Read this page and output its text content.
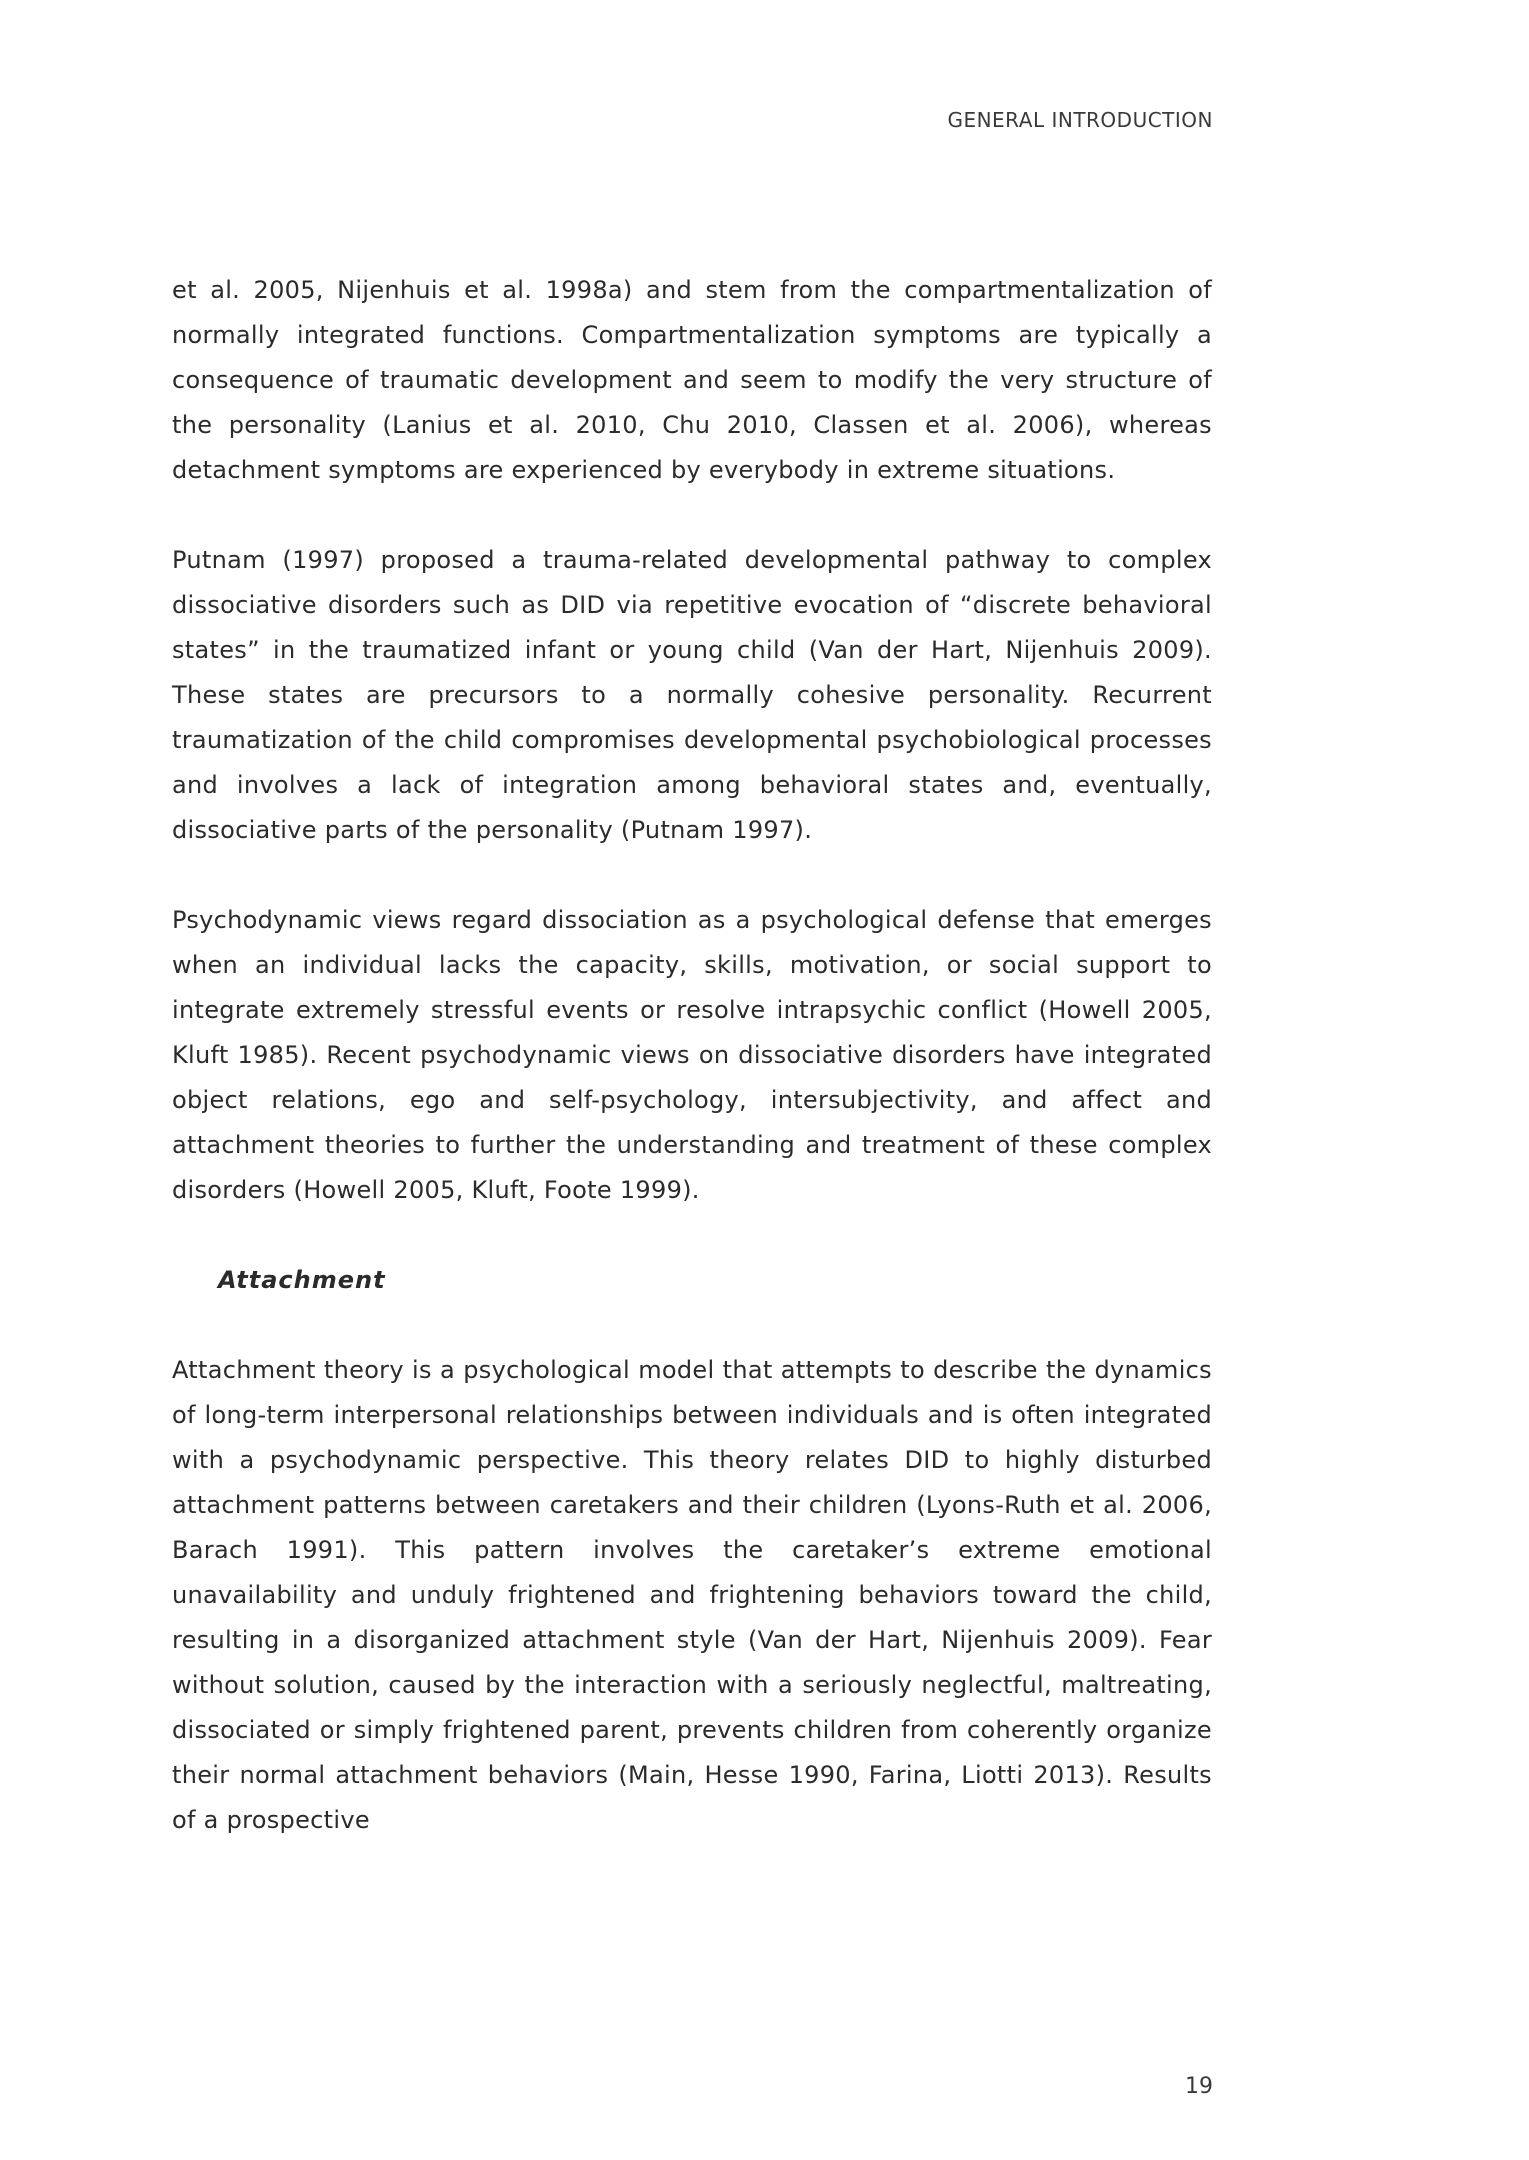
GENERAL INTRODUCTION

et al. 2005, Nijenhuis et al. 1998a) and stem from the compartmentalization of normally integrated functions. Compartmentalization symptoms are typically a consequence of traumatic development and seem to modify the very structure of the personality (Lanius et al. 2010, Chu 2010, Classen et al. 2006), whereas detachment symptoms are experienced by everybody in extreme situations.

Putnam (1997) proposed a trauma-related developmental pathway to complex dissociative disorders such as DID via repetitive evocation of “discrete behavioral states” in the traumatized infant or young child (Van der Hart, Nijenhuis 2009). These states are precursors to a normally cohesive personality. Recurrent traumatization of the child compromises developmental psychobiological processes and involves a lack of integration among behavioral states and, eventually, dissociative parts of the personality (Putnam 1997).

Psychodynamic views regard dissociation as a psychological defense that emerges when an individual lacks the capacity, skills, motivation, or social support to integrate extremely stressful events or resolve intrapsychic conflict (Howell 2005, Kluft 1985). Recent psychodynamic views on dissociative disorders have integrated object relations, ego and self-psychology, intersubjectivity, and affect and attachment theories to further the understanding and treatment of these complex disorders (Howell 2005, Kluft, Foote 1999).

Attachment

Attachment theory is a psychological model that attempts to describe the dynamics of long-term interpersonal relationships between individuals and is often integrated with a psychodynamic perspective. This theory relates DID to highly disturbed attachment patterns between caretakers and their children (Lyons-Ruth et al. 2006, Barach 1991). This pattern involves the caretaker’s extreme emotional unavailability and unduly frightened and frightening behaviors toward the child, resulting in a disorganized attachment style (Van der Hart, Nijenhuis 2009). Fear without solution, caused by the interaction with a seriously neglectful, maltreating, dissociated or simply frightened parent, prevents children from coherently organize their normal attachment behaviors (Main, Hesse 1990, Farina, Liotti 2013). Results of a prospective

19
